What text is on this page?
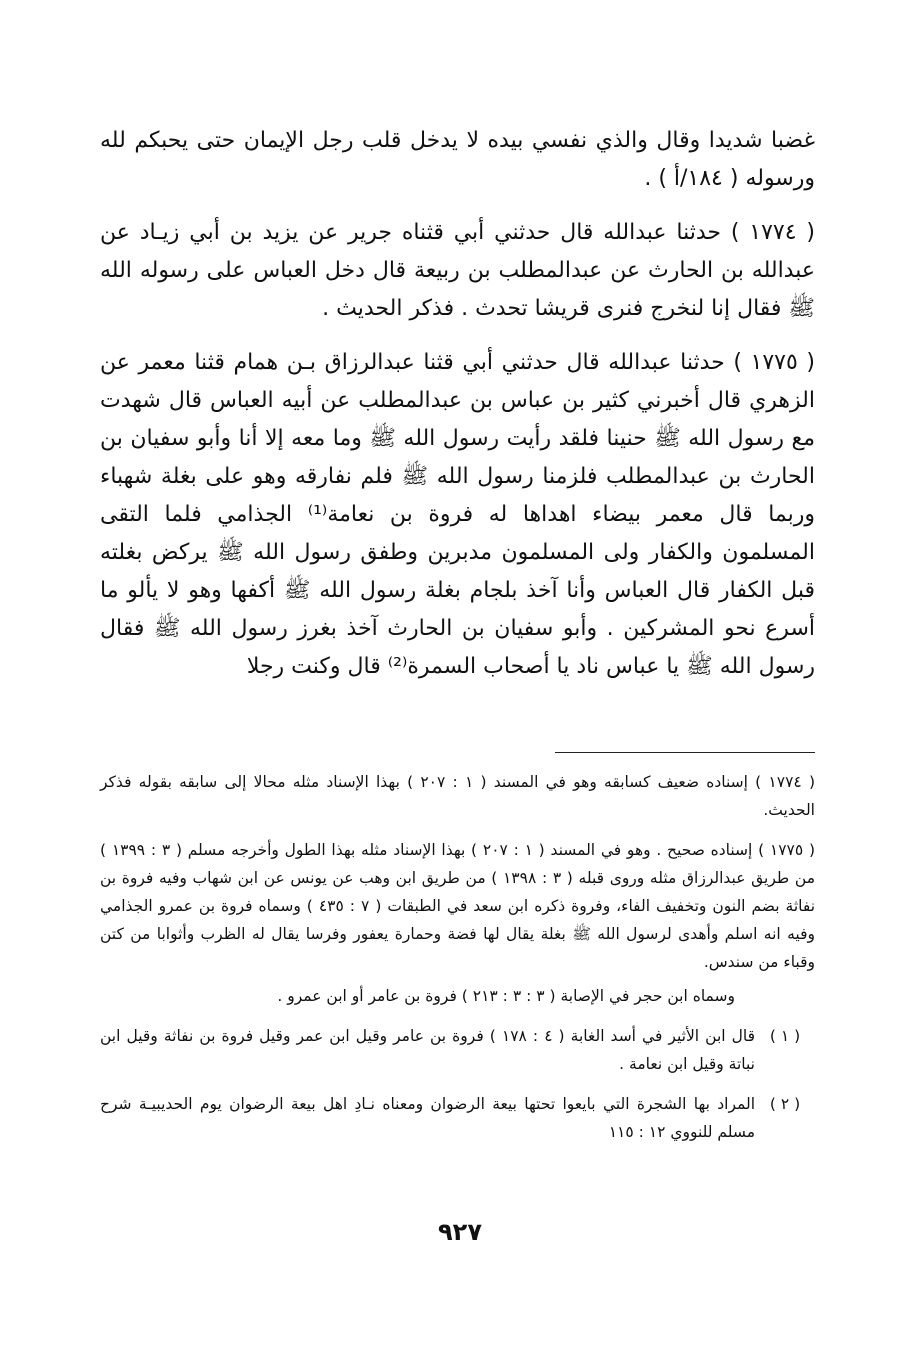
غضبا شديدا وقال والذي نفسي بيده لا يدخل قلب رجل الإيمان حتى يحبكم لله ورسوله ( ١٨٤/أ ) .

( ١٧٧٤ ) حدثنا عبدالله قال حدثني أبي قثناه جرير عن يزيد بن أبي زيـاد عن عبدالله بن الحارث عن عبدالمطلب بن ربيعة قال دخل العباس على رسوله الله ﷺ فقال إنا لنخرج فنرى قريشا تحدث . فذكر الحديث .

( ١٧٧٥ ) حدثنا عبدالله قال حدثني أبي قثنا عبدالرزاق بـن همام قثنا معمر عن الزهري قال أخبرني كثير بن عباس بن عبدالمطلب عن أبيه العباس قال شهدت مع رسول الله ﷺ حنينا فلقد رأيت رسول الله ﷺ وما معه إلا أنا وأبو سفيان بن الحارث بن عبدالمطلب فلزمنا رسول الله ﷺ فلم نفارقه وهو على بغلة شهباء وربما قال معمر بيضاء اهداها له فروة بن نعامة⁽¹⁾ الجذامي فلما التقى المسلمون والكفار ولى المسلمون مدبرين وطفق رسول الله ﷺ يركض بغلته قبل الكفار قال العباس وأنا آخذ بلجام بغلة رسول الله ﷺ أكفها وهو لا يألو ما أسرع نحو المشركين . وأبو سفيان بن الحارث آخذ بغرز رسول الله ﷺ فقال رسول الله ﷺ يا عباس ناد يا أصحاب السمرة⁽²⁾ قال وكنت رجلا

( ١٧٧٤ ) إسناده ضعيف كسابقه وهو في المسند ( ١ : ٢٠٧ ) بهذا الإسناد مثله محالا إلى سابقه بقوله فذكر الحديث.
( ١٧٧٥ ) إسناده صحيح . وهو في المسند ( ١ : ٢٠٧ ) بهذا الإسناد مثله بهذا الطول وأخرجه مسلم ( ٣ : ١٣٩٩ ) من طريق عبدالرزاق مثله وروى قبله ( ٣ : ١٣٩٨ ) من طريق ابن وهب عن يونس عن ابن شهاب وفيه فروة بن نفاثة بضم النون وتخفيف الفاء، وفروة ذكره ابن سعد في الطبقات ( ٧ : ٤٣٥ ) وسماه فروة بن عمرو الجذامي وفيه انه اسلم وأهدى لرسول الله ﷺ بغلة يقال لها فضة وحمارة يعفور وفرسا يقال له الظرب وأثوابا من كتن وقباء من سندس.
وسماه ابن حجر في الإصابة ( ٣ : ٣ : ٢١٣ ) فروة بن عامر أو ابن عمرو .
( ١ )
قال ابن الأثير في أسد الغابة ( ٤ : ١٧٨ ) فروة بن عامر وقيل ابن عمر وقيل فروة بن نفاثة وقيل ابن نباتة وقيل ابن نعامة .
( ٢ )
المراد بها الشجرة التي بايعوا تحتها بيعة الرضوان ومعناه نـادِ اهل بيعة الرضوان يوم الحديبيـة شرح مسلم للنووي ١٢ : ١١٥
٩٢٧
